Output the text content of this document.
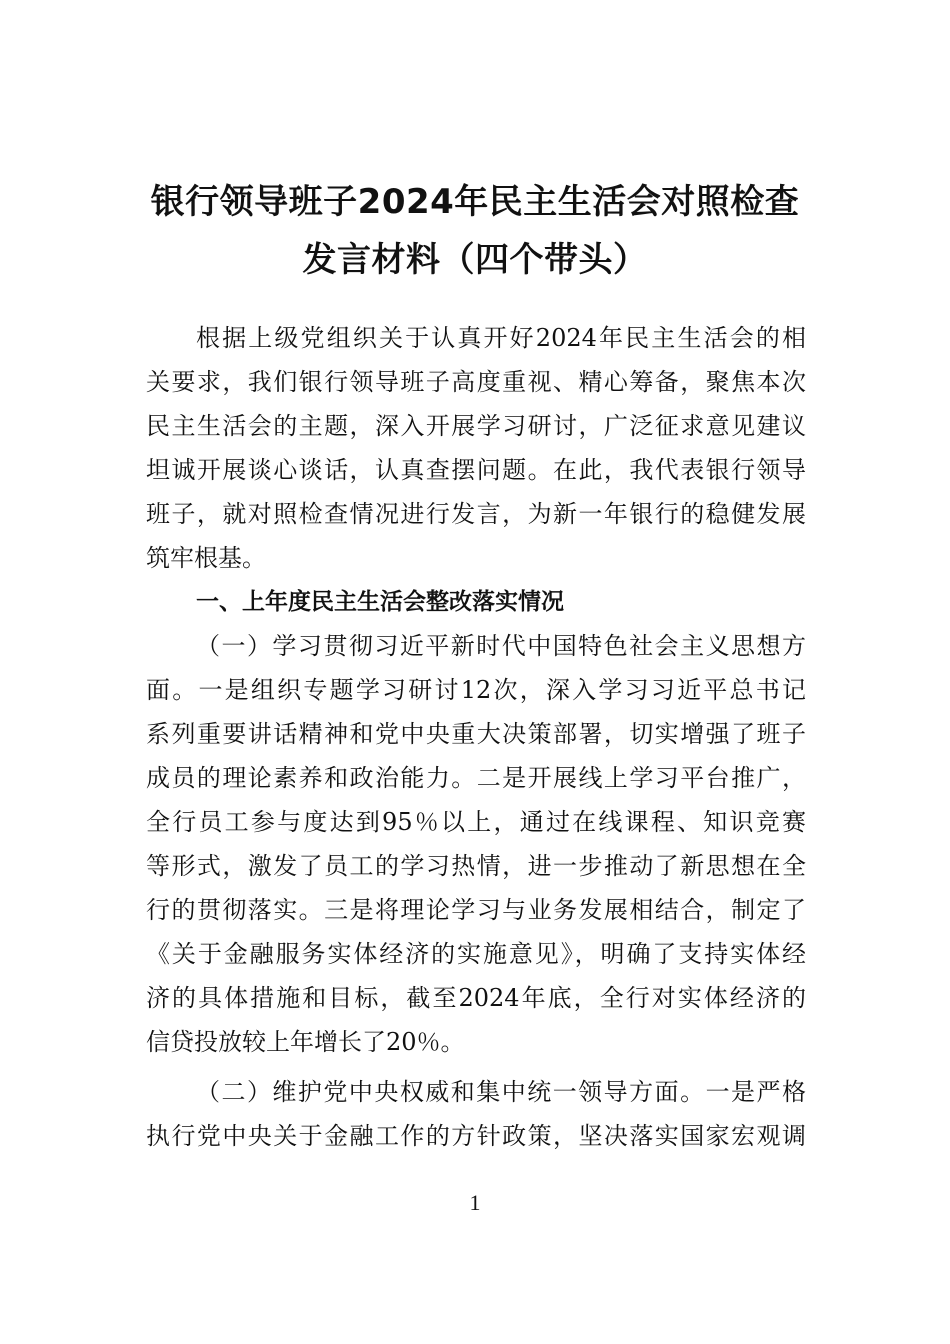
银行领导班子2024年民主生活会对照检查
发言材料（四个带头）
根据上级党组织关于认真开好2024年民主生活会的相
关要求，我们银行领导班子高度重视、精心筹备，聚焦本次
民主生活会的主题，深入开展学习研讨，广泛征求意见建议
坦诚开展谈心谈话，认真查摆问题。在此，我代表银行领导
班子，就对照检查情况进行发言，为新一年银行的稳健发展
筑牢根基。
一、上年度民主生活会整改落实情况
（一）学习贯彻习近平新时代中国特色社会主义思想方
面。一是组织专题学习研讨12次，深入学习习近平总书记
系列重要讲话精神和党中央重大决策部署，切实增强了班子
成员的理论素养和政治能力。二是开展线上学习平台推广，
全行员工参与度达到95％以上，通过在线课程、知识竞赛
等形式，激发了员工的学习热情，进一步推动了新思想在全
行的贯彻落实。三是将理论学习与业务发展相结合，制定了
《关于金融服务实体经济的实施意见》，明确了支持实体经
济的具体措施和目标，截至2024年底，全行对实体经济的
信贷投放较上年增长了20％。
（二）维护党中央权威和集中统一领导方面。一是严格
执行党中央关于金融工作的方针政策，坚决落实国家宏观调
1
